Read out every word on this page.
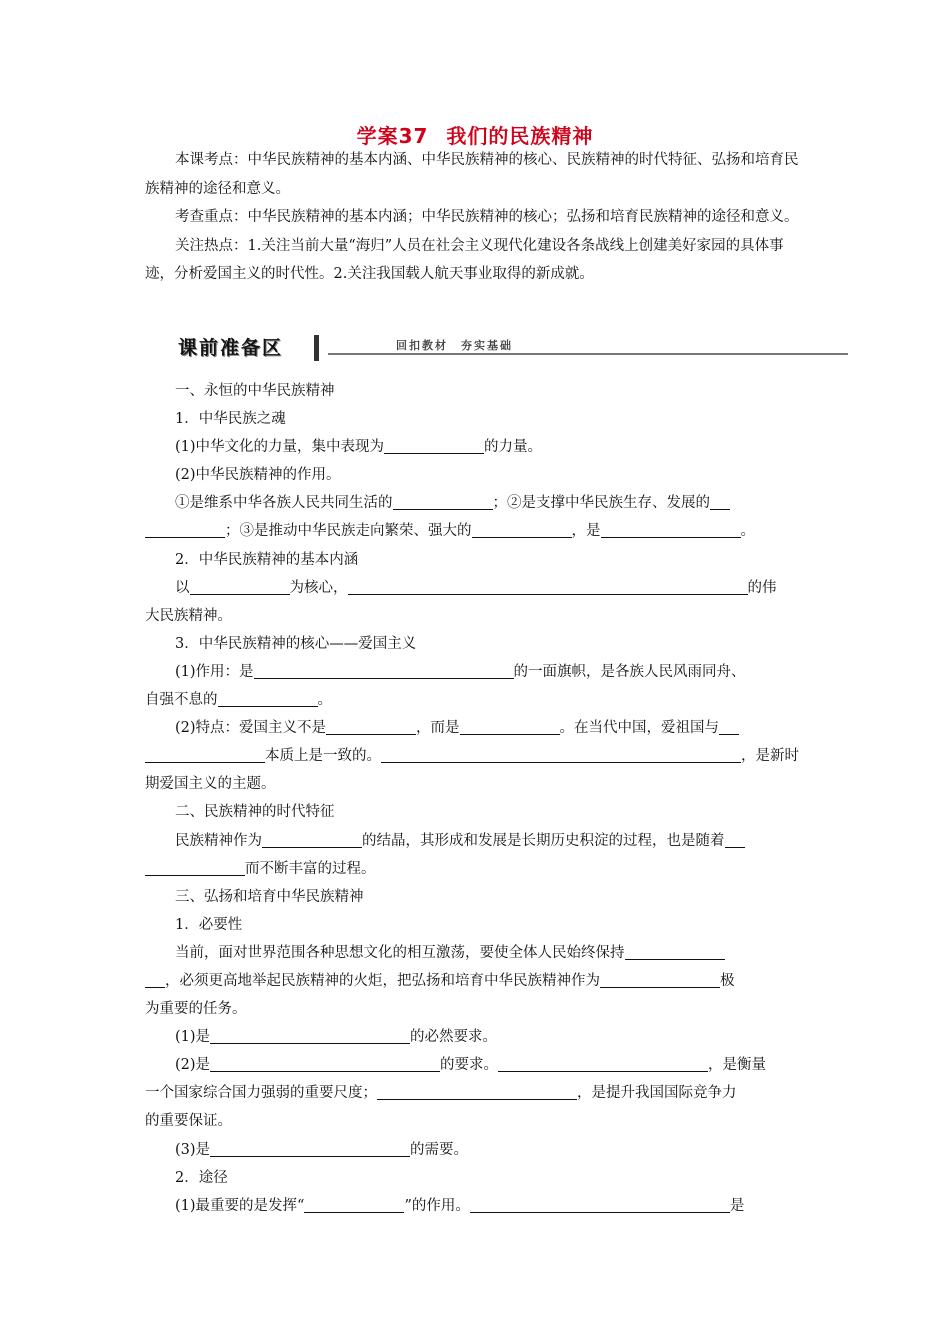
学案37 我们的民族精神

本课考点：中华民族精神的基本内涵、中华民族精神的核心、民族精神的时代特征、弘扬和培育民族精神的途径和意义。

考查重点：中华民族精神的基本内涵；中华民族精神的核心；弘扬和培育民族精神的途径和意义。

关注热点：1.关注当前大量“海归”人员在社会主义现代化建设各条战线上创建美好家园的具体事迹，分析爱国主义的时代性。2.关注我国载人航天事业取得的新成就。

课前准备区	回扣教材　夯实基础

一、永恒的中华民族精神

1．中华民族之魂

(1)中华文化的力量，集中表现为	的力量。

(2)中华民族精神的作用。

①是维系中华各族人民共同生活的	；②是支撑中华民族生存、发展的

；③是推动中华民族走向繁荣、强大的	，是	。

2．中华民族精神的基本内涵

以	为核心，	的伟

大民族精神。

3．中华民族精神的核心——爱国主义

(1)作用：是	的一面旗帜，是各族人民风雨同舟、

自强不息的	。

(2)特点：爱国主义不是	，而是	。在当代中国，爱祖国与

本质上是一致的。	，是新时

期爱国主义的主题。

二、民族精神的时代特征

民族精神作为	的结晶，其形成和发展是长期历史积淀的过程，也是随着

而不断丰富的过程。

三、弘扬和培育中华民族精神

1．必要性

当前，面对世界范围各种思想文化的相互激荡，要使全体人民始终保持

，必须更高地举起民族精神的火炬，把弘扬和培育中华民族精神作为	极

为重要的任务。

(1)是	的必然要求。

(2)是	的要求。	，是衡量

一个国家综合国力强弱的重要尺度；	，是提升我国国际竞争力

的重要保证。

(3)是	的需要。

2．途径

(1)最重要的是发挥“	”的作用。	是
